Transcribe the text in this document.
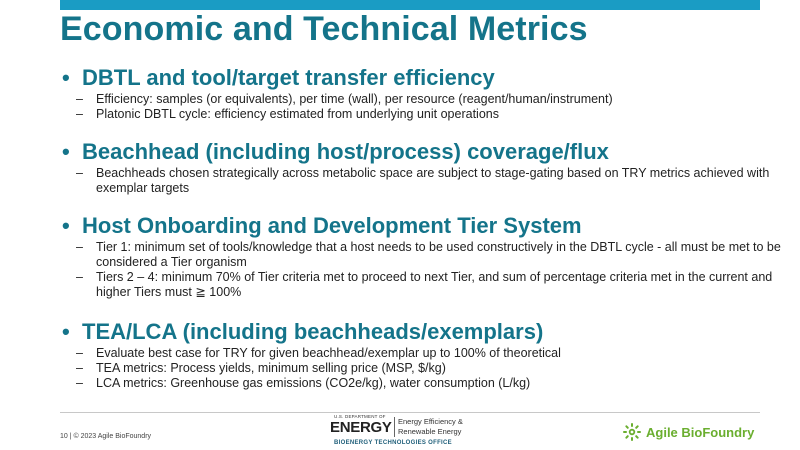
Economic and Technical Metrics
• DBTL and tool/target transfer efficiency
–	Efficiency: samples (or equivalents), per time (wall), per resource (reagent/human/instrument)
–	Platonic DBTL cycle: efficiency estimated from underlying unit operations
• Beachhead (including host/process) coverage/flux
–	Beachheads chosen strategically across metabolic space are subject to stage-gating based on TRY metrics achieved with exemplar targets
• Host Onboarding and Development Tier System
–	Tier 1: minimum set of tools/knowledge that a host needs to be used constructively in the DBTL cycle - all must be met to be considered a Tier organism
–	Tiers 2 – 4: minimum 70% of Tier criteria met to proceed to next Tier, and sum of percentage criteria met in the current and higher Tiers must ≧ 100%
• TEA/LCA (including beachheads/exemplars)
–	Evaluate best case for TRY for given beachhead/exemplar up to 100% of theoretical
–	TEA metrics: Process yields, minimum selling price (MSP, $/kg)
–	LCA metrics: Greenhouse gas emissions (CO2e/kg), water consumption (L/kg)
10 | © 2023 Agile BioFoundry
U.S. DEPARTMENT OF
ENERGY Energy Efficiency &
Renewable Energy
BIOENERGY TECHNOLOGIES OFFICE
Agile BioFoundry
